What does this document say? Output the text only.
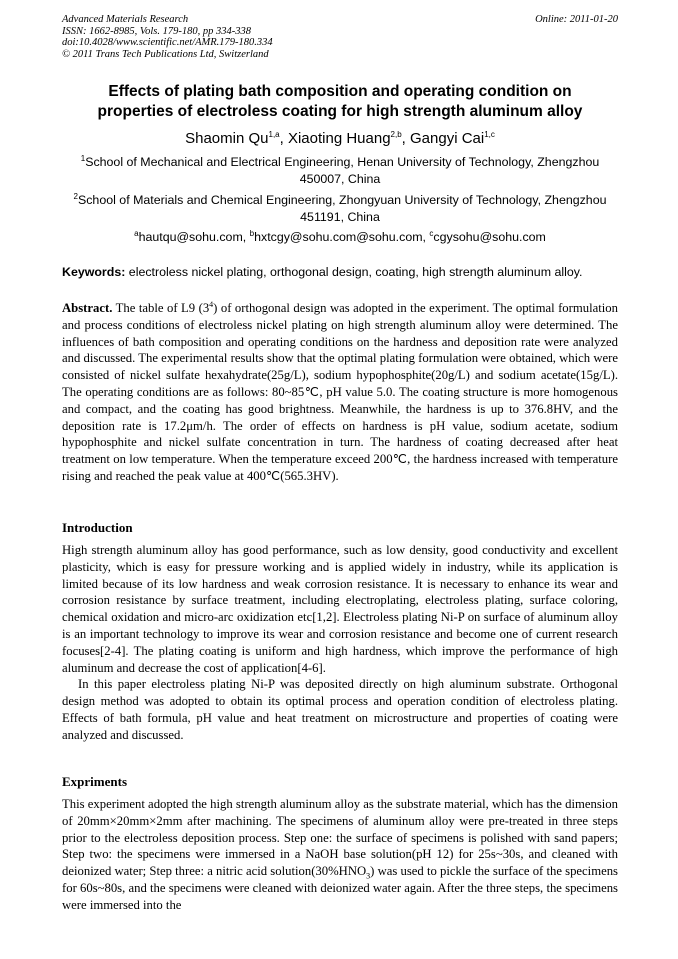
Advanced Materials Research
ISSN: 1662-8985, Vols. 179-180, pp 334-338
doi:10.4028/www.scientific.net/AMR.179-180.334
© 2011 Trans Tech Publications Ltd, Switzerland
Online: 2011-01-20
Effects of plating bath composition and operating condition on
properties of electroless coating for high strength aluminum alloy
Shaomin Qu$^{1,a}$, Xiaoting Huang$^{2,b}$, Gangyi Cai$^{1,c}$
$^1$School of Mechanical and Electrical Engineering, Henan University of Technology, Zhengzhou
450007, China
$^2$School of Materials and Chemical Engineering, Zhongyuan University of Technology, Zhengzhou
451191, China
$^a$hautqu@sohu.com, $^b$hxtcgy@sohu.com@sohu.com, $^c$cgysohu@sohu.com
Keywords: electroless nickel plating, orthogonal design, coating, high strength aluminum alloy.
Abstract. The table of L9 $(3^4)$ of orthogonal design was adopted in the experiment. The optimal formulation and process conditions of electroless nickel plating on high strength aluminum alloy were determined. The influences of bath composition and operating conditions on the hardness and deposition rate were analyzed and discussed. The experimental results show that the optimal plating formulation were obtained, which were consisted of nickel sulfate hexahydrate(25g/L), sodium hypophosphite(20g/L) and sodium acetate(15g/L). The operating conditions are as follows: 80~85℃, pH value 5.0. The coating structure is more homogenous and compact, and the coating has good brightness. Meanwhile, the hardness is up to 376.8HV, and the deposition rate is 17.2μm/h. The order of effects on hardness is pH value, sodium acetate, sodium hypophosphite and nickel sulfate concentration in turn. The hardness of coating decreased after heat treatment on low temperature. When the temperature exceed 200℃, the hardness increased with temperature rising and reached the peak value at 400℃(565.3HV).
Introduction

High strength aluminum alloy has good performance, such as low density, good conductivity and excellent plasticity, which is easy for pressure working and is applied widely in industry, while its application is limited because of its low hardness and weak corrosion resistance. It is necessary to enhance its wear and corrosion resistance by surface treatment, including electroplating, electroless plating, surface coloring, chemical oxidation and micro-arc oxidization etc[1,2]. Electroless plating Ni-P on surface of aluminum alloy is an important technology to improve its wear and corrosion resistance and become one of current research focuses[2-4]. The plating coating is uniform and high hardness, which improve the performance of high aluminum and decrease the cost of application[4-6].

In this paper electroless plating Ni-P was deposited directly on high aluminum substrate. Orthogonal design method was adopted to obtain its optimal process and operation condition of electroless plating. Effects of bath formula, pH value and heat treatment on microstructure and properties of coating were analyzed and discussed.

Expriments
This experiment adopted the high strength aluminum alloy as the substrate material, which has the dimension of 20mm×20mm×2mm after machining. The specimens of aluminum alloy were pre-treated in three steps prior to the electroless deposition process. Step one: the surface of specimens is polished with sand papers; Step two: the specimens were immersed in a NaOH base solution(pH 12) for 25s~30s, and cleaned with deionized water; Step three: a nitric acid $solution(30\%HNO_3)$ was used to pickle the surface of the specimens for 60s~80s, and the specimens were cleaned with deionized water again. After the three steps, the specimens were immersed into the
